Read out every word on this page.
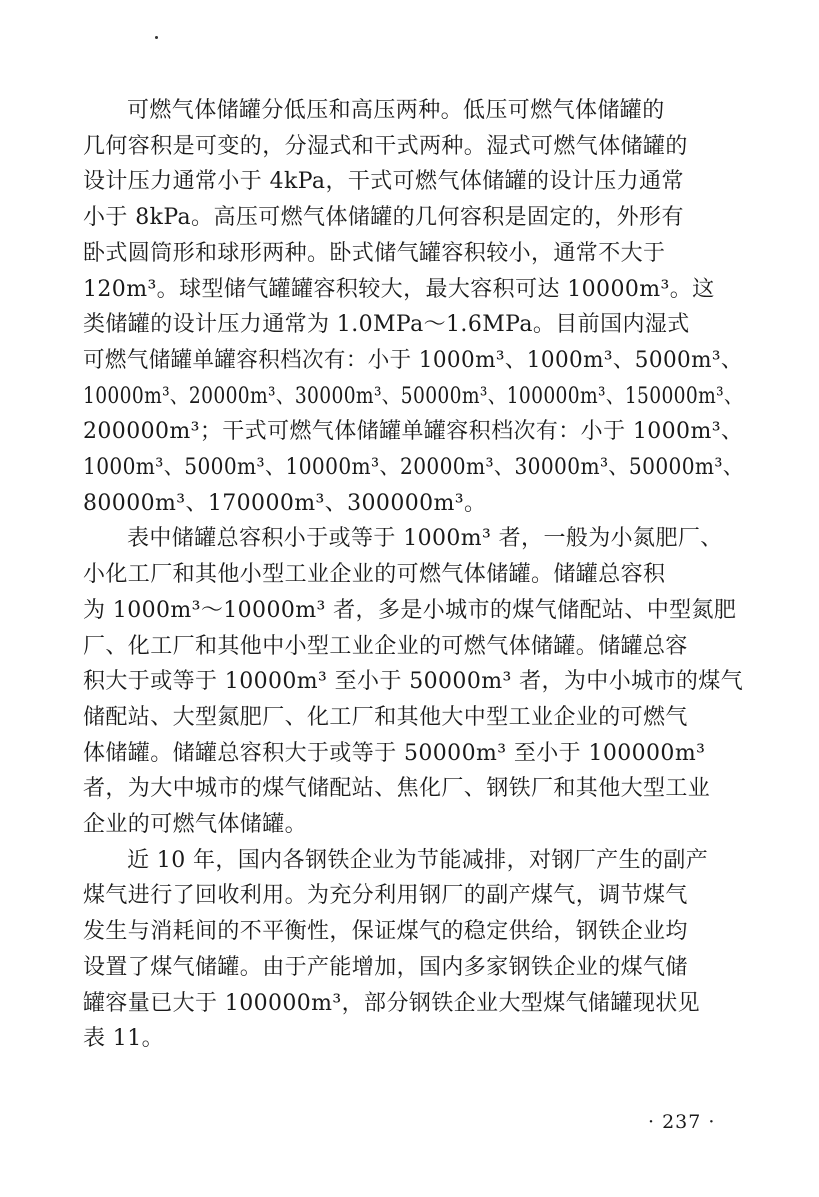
可燃气体储罐分低压和高压两种。低压可燃气体储罐的
几何容积是可变的，分湿式和干式两种。湿式可燃气体储罐的
设计压力通常小于 4kPa，干式可燃气体储罐的设计压力通常
小于 8kPa。高压可燃气体储罐的几何容积是固定的，外形有
卧式圆筒形和球形两种。卧式储气罐容积较小，通常不大于
120m³。球型储气罐罐容积较大，最大容积可达 10000m³。这
类储罐的设计压力通常为 1.0MPa～1.6MPa。目前国内湿式
可燃气储罐单罐容积档次有：小于 1000m³、1000m³、5000m³、
10000m³、20000m³、30000m³、50000m³、100000m³、150000m³、
200000m³；干式可燃气体储罐单罐容积档次有：小于 1000m³、
1000m³、5000m³、10000m³、20000m³、30000m³、50000m³、
80000m³、170000m³、300000m³。

表中储罐总容积小于或等于 1000m³ 者，一般为小氮肥厂、
小化工厂和其他小型工业企业的可燃气体储罐。储罐总容积
为 1000m³～10000m³ 者，多是小城市的煤气储配站、中型氮肥
厂、化工厂和其他中小型工业企业的可燃气体储罐。储罐总容
积大于或等于 10000m³ 至小于 50000m³ 者，为中小城市的煤气
储配站、大型氮肥厂、化工厂和其他大中型工业企业的可燃气
体储罐。储罐总容积大于或等于 50000m³ 至小于 100000m³
者，为大中城市的煤气储配站、焦化厂、钢铁厂和其他大型工业
企业的可燃气体储罐。

近 10 年，国内各钢铁企业为节能减排，对钢厂产生的副产
煤气进行了回收利用。为充分利用钢厂的副产煤气，调节煤气
发生与消耗间的不平衡性，保证煤气的稳定供给，钢铁企业均
设置了煤气储罐。由于产能增加，国内多家钢铁企业的煤气储
罐容量已大于 100000m³，部分钢铁企业大型煤气储罐现状见
表 11。

· 237 ·
